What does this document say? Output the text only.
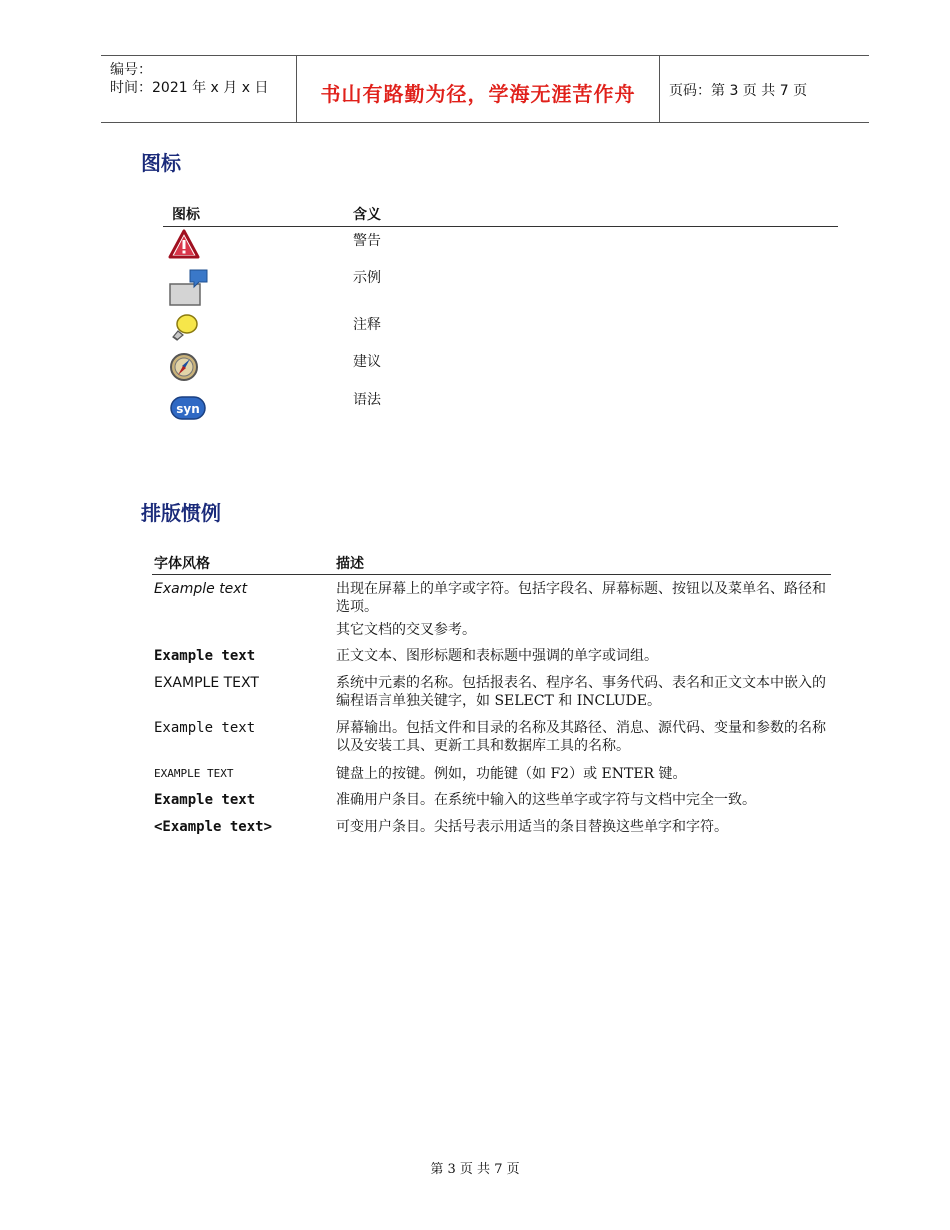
编号：
时间：2021 年 x 月 x 日	书山有路勤为径，学海无涯苦作舟	页码：第 3 页 共 7 页
图标
图标	含义
警告
示例
注释
建议
syn
语法
排版惯例
字体风格	描述
Example text	出现在屏幕上的单字或字符。包括字段名、屏幕标题、按钮以及菜单名、路径和选项。
其它文档的交叉参考。
Example text	正文文本、图形标题和表标题中强调的单字或词组。
EXAMPLE TEXT	系统中元素的名称。包括报表名、程序名、事务代码、表名和正文文本中嵌入的编程语言单独关键字，如 SELECT 和 INCLUDE。
Example text	屏幕输出。包括文件和目录的名称及其路径、消息、源代码、变量和参数的名称以及安装工具、更新工具和数据库工具的名称。
EXAMPLE TEXT	键盘上的按键。例如，功能键（如 F2）或 ENTER 键。
Example text	准确用户条目。在系统中输入的这些单字或字符与文档中完全一致。
<Example text>	可变用户条目。尖括号表示用适当的条目替换这些单字和字符。
第 3 页 共 7 页
